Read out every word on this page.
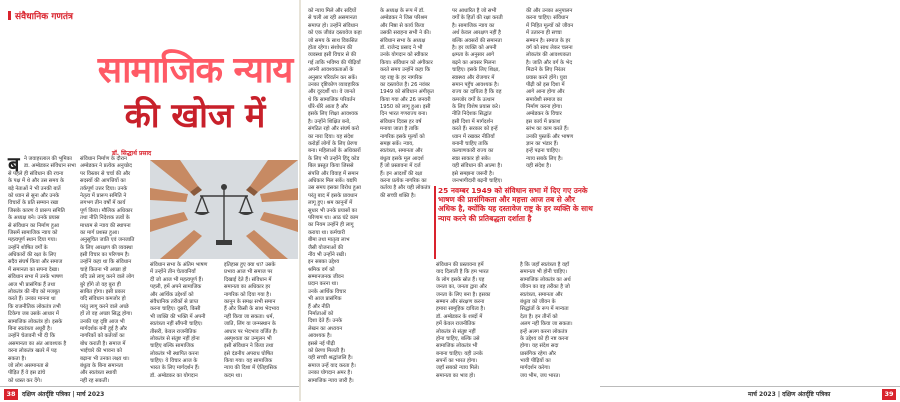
संवैधानिक गणतंत्र
सामाजिक न्याय
की खोज में
डॉ. सिद्धार्थ प्रसाद
ब ने जवाहरलाल की भूमिका
डा. अम्बेडकर संविधान सभा
से पहले ही संविधान की रचना
के पक्ष में थे और उस समय के
बड़े नेताओं ने भी उनकी बातें
को ध्यान से सुना और उनके
विचारों के प्रति सम्मान रखा
जिसके कारण वे प्रारूप समिति
के अध्यक्ष बने। उनके प्रयास
से संविधान का निर्माण हुआ
जिसमें सामाजिक न्याय को
महत्वपूर्ण स्थान दिया गया।
उन्होंने शोषित वर्गों के
अधिकारों की रक्षा के लिए
सदैव संघर्ष किया और समाज
में समानता का सपना देखा।
संविधान सभा में उनके भाषण
आज भी प्रासंगिक हैं तथा
लोकतंत्र की नींव को मजबूत
करते हैं। उनका मानना था
कि राजनीतिक लोकतंत्र तभी
टिकेगा जब उसके आधार में
सामाजिक लोकतंत्र हो। इसके
बिना स्वतंत्रता अधूरी है।
उन्होंने चेतावनी भी दी कि
असमानता का अंत आवश्यक है
वरना लोकतंत्र खतरे में पड़
सकता है।
जो लोग असमानता से
पीड़ित हैं वे इस ढांचे
को ध्वस्त कर देंगे।
संविधान निर्माण के दौरान
अम्बेडकर ने प्रत्येक अनुच्छेद
पर विस्तार से चर्चा की और
सदस्यों की आपत्तियों का
तर्कपूर्ण उत्तर दिया। उनके
नेतृत्व में प्रारूप समिति ने
लगभग तीन वर्षों में कार्य
पूर्ण किया। मौलिक अधिकार
तथा नीति निदेशक तत्वों के
माध्यम से न्याय की स्थापना
का मार्ग प्रशस्त हुआ।
अनुसूचित जाति एवं जनजाति
के लिए आरक्षण की व्यवस्था
इसी विचार का परिणाम है।
उन्होंने कहा था कि संविधान
चाहे कितना भी अच्छा हो
यदि उसे लागू करने वाले लोग
बुरे होंगे तो वह बुरा ही
साबित होगा। इसी प्रकार
यदि संविधान कमजोर हो
परंतु लागू करने वाले अच्छे
हों तो वह अच्छा सिद्ध होगा।
उनकी यह दृष्टि आज भी
मार्गदर्शक बनी हुई है और
नागरिकों को कर्तव्यों का
बोध कराती है। समाज में
भाईचारे की भावना को
बढ़ाना भी उनका लक्ष्य था।
बंधुत्व के बिना समानता
और स्वतंत्रता स्थायी
नहीं रह सकतीं।
संविधान सभा के अंतिम भाषण
में उन्होंने तीन चेतावनियाँ
दीं जो आज भी महत्वपूर्ण हैं।
पहली, हमें अपने सामाजिक
और आर्थिक उद्देश्यों को
संवैधानिक तरीकों से प्राप्त
करना चाहिए। दूसरी, किसी
भी व्यक्ति की भक्ति में अपनी
स्वतंत्रता नहीं सौंपनी चाहिए।
तीसरी, केवल राजनीतिक
लोकतंत्र से संतुष्ट नहीं होना
चाहिए बल्कि सामाजिक
लोकतंत्र भी स्थापित करना
चाहिए। ये विचार आज के
भारत के लिए मार्गदर्शन हैं।
डॉ. अम्बेडकर का योगदान
इतिहास हुए क्या था? उसके
प्रभाव आज भी समाज पर
दिखाई देते हैं। संविधान में
समानता का अधिकार हर
नागरिक को दिया गया है।
कानून के समक्ष सभी समान
हैं और किसी के साथ भेदभाव
नहीं किया जा सकता। धर्म,
जाति, लिंग या जन्मस्थान के
आधार पर भेदभाव वर्जित है।
अस्पृश्यता का उन्मूलन भी
इसी संविधान ने किया तथा
इसे दंडनीय अपराध घोषित
किया गया। यह सामाजिक
न्याय की दिशा में ऐतिहासिक
कदम था।
38	दक्षिण अंतर्दृष्टि पत्रिका | मार्च 2023
को न्याय मिले और सदियों
से चली आ रही असमानता
समाप्त हो। उन्होंने संविधान
को एक जीवंत दस्तावेज कहा
जो समय के साथ विकसित
होता रहेगा। संशोधन की
व्यवस्था इसी विचार से की
गई ताकि भविष्य की पीढ़ियाँ
अपनी आवश्यकताओं के
अनुसार परिवर्तन कर सकें।
उनका दृष्टिकोण व्यावहारिक
और दूरदर्शी था। वे जानते
थे कि सामाजिक परिवर्तन
धीरे-धीरे आता है और
इसके लिए शिक्षा आवश्यक
है। उन्होंने शिक्षित बनो,
संगठित रहो और संघर्ष करो
का नारा दिया। यह संदेश
करोड़ों लोगों के लिए प्रेरणा
बना। महिलाओं के अधिकारों
के लिए भी उन्होंने हिंदू कोड
बिल प्रस्तुत किया जिससे
संपत्ति और विवाह में समान
अधिकार मिल सकें। यद्यपि
उस समय इसका विरोध हुआ
परंतु बाद में इसके प्रावधान
लागू हुए। श्रम कानूनों में
सुधार भी उनके प्रयासों का
परिणाम था। आठ घंटे काम
का नियम उन्होंने ही लागू
कराया था। कर्मचारी
बीमा तथा मातृत्व लाभ
जैसी योजनाओं की
नींव भी उन्होंने रखी।
इन सबका उद्देश्य
श्रमिक वर्ग को
सम्मानजनक जीवन
प्रदान करना था।
उनके आर्थिक विचार
भी आज प्रासंगिक
हैं और नीति
निर्माताओं को
दिशा देते हैं। उनके
लेखन का अध्ययन
आवश्यक है।
इससे नई पीढ़ी
को प्रेरणा मिलती है।
यही सच्ची श्रद्धांजलि है।
समाज उन्हें याद करता है।
उनका योगदान अमर है।
सामाजिक न्याय जारी है।
के अध्यक्ष के रूप में डॉ.
अम्बेडकर ने जिस परिश्रम
और निष्ठा से कार्य किया
उसकी सराहना सभी ने की।
संविधान सभा के अध्यक्ष
डॉ. राजेन्द्र प्रसाद ने भी
उनके योगदान को स्वीकार
किया। संविधान को अंगीकार
करते समय उन्होंने कहा कि
यह राष्ट्र के हर नागरिक
का दस्तावेज है। 26 नवंबर
1949 को संविधान अंगीकृत
किया गया और 26 जनवरी
1950 को लागू हुआ। इसी
दिन भारत गणराज्य बना।
संविधान दिवस हर वर्ष
मनाया जाता है ताकि
नागरिक इसके मूल्यों को
समझ सकें। न्याय,
स्वतंत्रता, समानता और
बंधुत्व इसके मूल आदर्श
हैं जो प्रस्तावना में दर्ज
हैं। इन आदर्शों की रक्षा
करना प्रत्येक नागरिक का
कर्तव्य है और यही लोकतंत्र
की सच्ची शक्ति है।
पर आधारित है जो सभी
वर्गों के हितों की रक्षा करती
है। सामाजिक न्याय का
अर्थ केवल आरक्षण नहीं है
बल्कि अवसरों की समानता
है। हर व्यक्ति को अपनी
क्षमता के अनुसार आगे
बढ़ने का अवसर मिलना
चाहिए। इसके लिए शिक्षा,
स्वास्थ्य और रोजगार में
समान पहुँच आवश्यक है।
राज्य का दायित्व है कि वह
कमजोर वर्गों के उत्थान
के लिए विशेष प्रयास करे।
नीति निदेशक सिद्धांत
इसी दिशा में मार्गदर्शन
करते हैं। सरकार को इन्हें
ध्यान में रखकर नीतियाँ
बनानी चाहिए ताकि
कल्याणकारी राज्य का
स्वप्न साकार हो सके।
यही संविधान की आत्मा है।
इसे समझना जरूरी है।
जनभागीदारी बढ़नी चाहिए।
की और उनका अनुपालन
करना चाहिए। संविधान
में निहित मूल्यों को जीवन
में उतारना ही सच्चा
सम्मान है। समाज के हर
वर्ग को साथ लेकर चलना
लोकतंत्र की आवश्यकता
है। जाति और वर्ग के भेद
मिटाने के लिए निरंतर
प्रयास करने होंगे। युवा
पीढ़ी को इस दिशा में
आगे आना होगा और
समावेशी समाज का
निर्माण करना होगा।
अम्बेडकर के विचार
इस कार्य में प्रकाश
स्तंभ का काम करते हैं।
उनकी पुस्तकें और भाषण
ज्ञान का भंडार हैं।
इन्हें पढ़ना चाहिए।
न्याय सबके लिए है।
यही संदेश है।
25 नवम्बर 1949 को संविधान सभा में दिए गए उनके भाषण की प्रासंगिकता और महत्ता आज तब से और अधिक है, क्योंकि यह दस्तावेज राष्ट्र के हर व्यक्ति के साथ न्याय करने की प्रतिबद्धता दर्शाता है
संविधान की प्रस्तावना हमें
याद दिलाती है कि हम भारत
के लोग इसके स्रोत हैं। यह
जनता का, जनता द्वारा और
जनता के लिए बना है। इसका
सम्मान और संरक्षण करना
हमारा सामूहिक दायित्व है।
डॉ. अम्बेडकर के शब्दों में
हमें केवल राजनीतिक
लोकतंत्र से संतुष्ट नहीं
होना चाहिए, बल्कि उसे
सामाजिक लोकतंत्र भी
बनाना चाहिए। यही उनके
सपनों का भारत होगा।
जहाँ सबको न्याय मिले।
समानता का भाव हो।
है कि जहाँ स्वतंत्रता है वहाँ
समानता भी होनी चाहिए।
सामाजिक लोकतंत्र का अर्थ
जीवन का वह तरीका है जो
स्वतंत्रता, समानता और
बंधुत्व को जीवन के
सिद्धांतों के रूप में मान्यता
देता है। इन तीनों को
अलग नहीं किया जा सकता।
इन्हें अलग करना लोकतंत्र
के उद्देश्य को ही नष्ट करना
होगा। यह संदेश सदा
प्रासंगिक रहेगा और
भावी पीढ़ियों का
मार्गदर्शन करेगा।
जय भीम, जय भारत।
मार्च 2023 | दक्षिण अंतर्दृष्टि पत्रिका	39
